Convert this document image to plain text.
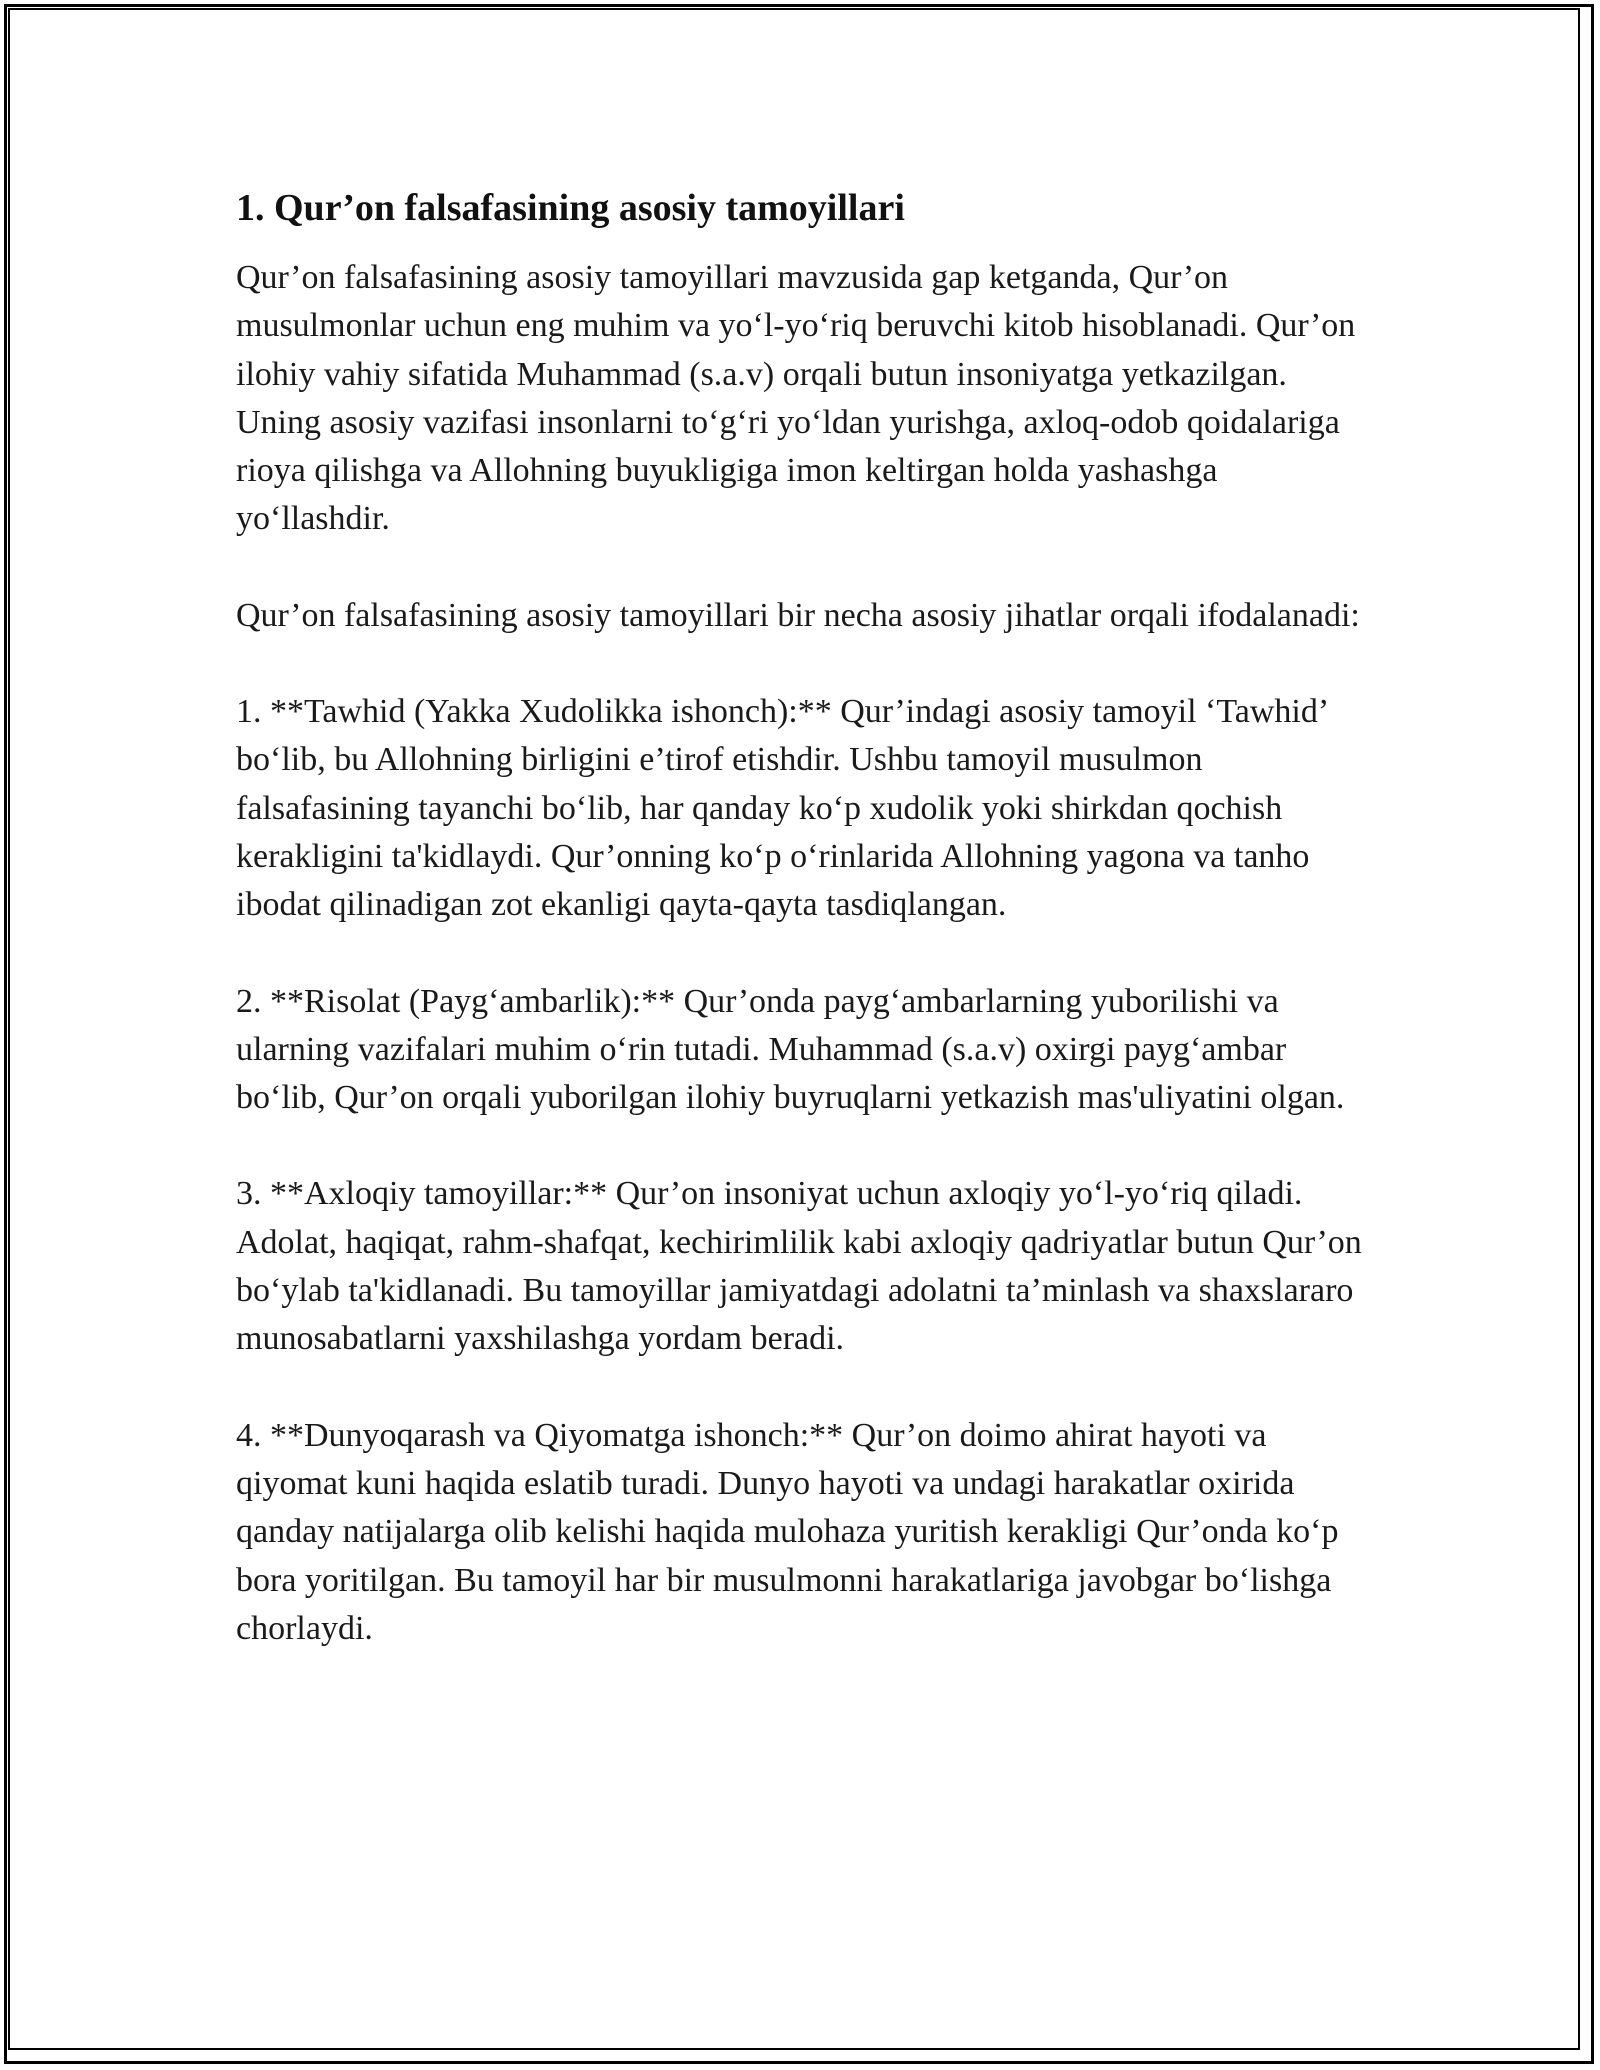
1. Qur’on falsafasining asosiy tamoyillari

Qur’on falsafasining asosiy tamoyillari mavzusida gap ketganda, Qur’on musulmonlar uchun eng muhim va yo‘l-yo‘riq beruvchi kitob hisoblanadi. Qur’on ilohiy vahiy sifatida Muhammad (s.a.v) orqali butun insoniyatga yetkazilgan. Uning asosiy vazifasi insonlarni to‘g‘ri yo‘ldan yurishga, axloq-odob qoidalariga rioya qilishga va Allohning buyukligiga imon keltirgan holda yashashga yo‘llashdir.

Qur’on falsafasining asosiy tamoyillari bir necha asosiy jihatlar orqali ifodalanadi:

1. **Tawhid (Yakka Xudolikka ishonch):** Qur’indagi asosiy tamoyil ‘Tawhid’ bo‘lib, bu Allohning birligini e’tirof etishdir. Ushbu tamoyil musulmon falsafasining tayanchi bo‘lib, har qanday ko‘p xudolik yoki shirkdan qochish kerakligini ta'kidlaydi. Qur’onning ko‘p o‘rinlarida Allohning yagona va tanho ibodat qilinadigan zot ekanligi qayta-qayta tasdiqlangan.

2. **Risolat (Payg‘ambarlik):** Qur’onda payg‘ambarlarning yuborilishi va ularning vazifalari muhim o‘rin tutadi. Muhammad (s.a.v) oxirgi payg‘ambar bo‘lib, Qur’on orqali yuborilgan ilohiy buyruqlarni yetkazish mas'uliyatini olgan.

3. **Axloqiy tamoyillar:** Qur’on insoniyat uchun axloqiy yo‘l-yo‘riq qiladi. Adolat, haqiqat, rahm-shafqat, kechirimlilik kabi axloqiy qadriyatlar butun Qur’on bo‘ylab ta'kidlanadi. Bu tamoyillar jamiyatdagi adolatni ta’minlash va shaxslararo munosabatlarni yaxshilashga yordam beradi.

4. **Dunyoqarash va Qiyomatga ishonch:** Qur’on doimo ahirat hayoti va qiyomat kuni haqida eslatib turadi. Dunyo hayoti va undagi harakatlar oxirida qanday natijalarga olib kelishi haqida mulohaza yuritish kerakligi Qur’onda ko‘p bora yoritilgan. Bu tamoyil har bir musulmonni harakatlariga javobgar bo‘lishga chorlaydi.
